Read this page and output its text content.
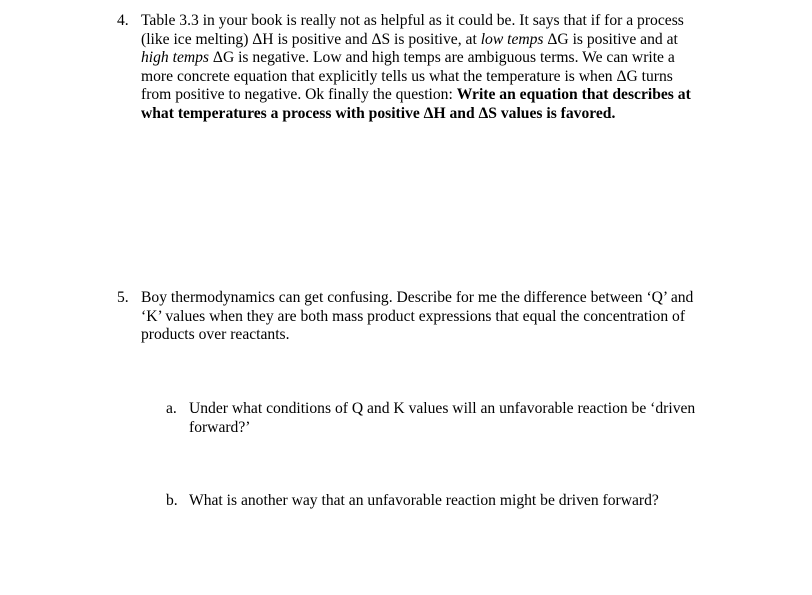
4. Table 3.3 in your book is really not as helpful as it could be. It says that if for a process
(like ice melting) ΔH is positive and ΔS is positive, at low temps ΔG is positive and at
high temps ΔG is negative. Low and high temps are ambiguous terms. We can write a
more concrete equation that explicitly tells us what the temperature is when ΔG turns
from positive to negative. Ok finally the question: Write an equation that describes at
what temperatures a process with positive ΔH and ΔS values is favored.
5. Boy thermodynamics can get confusing. Describe for me the difference between ‘Q’ and
‘K’ values when they are both mass product expressions that equal the concentration of
products over reactants.
a. Under what conditions of Q and K values will an unfavorable reaction be ‘driven
forward?’
b. What is another way that an unfavorable reaction might be driven forward?
